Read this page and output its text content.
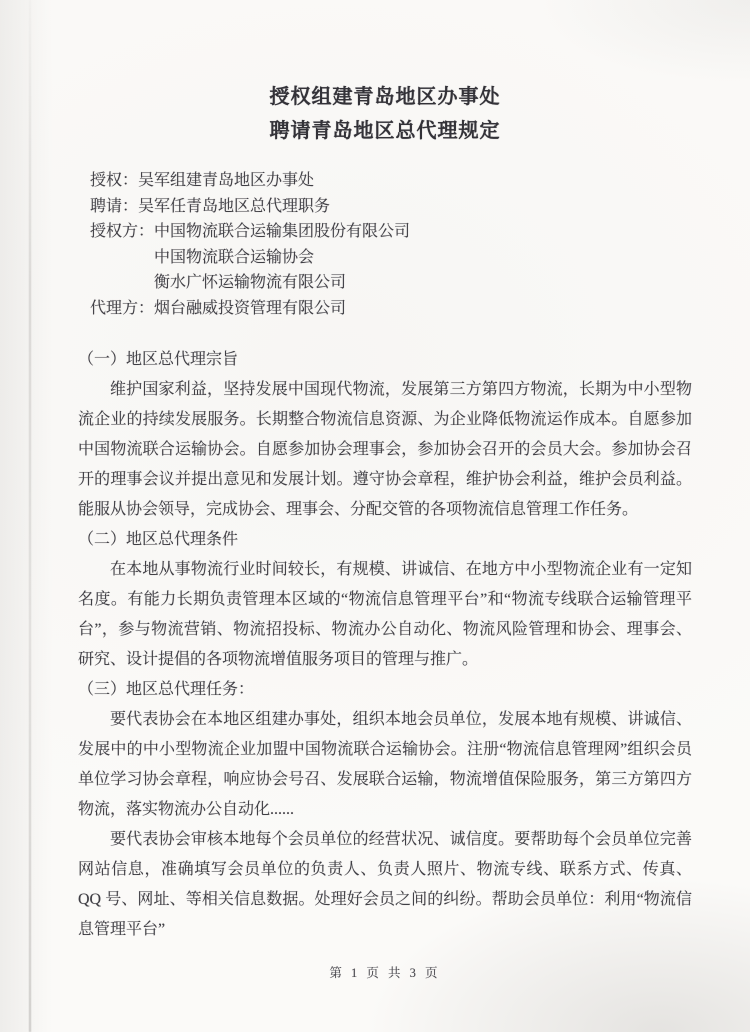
授权组建青岛地区办事处
聘请青岛地区总代理规定
授权：吴军组建青岛地区办事处
聘请：吴军任青岛地区总代理职务
授权方：中国物流联合运输集团股份有限公司
中国物流联合运输协会
衡水广怀运输物流有限公司
代理方：烟台融威投资管理有限公司
（一）地区总代理宗旨

维护国家利益，坚持发展中国现代物流，发展第三方第四方物流，长期为中小型物流企业的持续发展服务。长期整合物流信息资源、为企业降低物流运作成本。自愿参加中国物流联合运输协会。自愿参加协会理事会，参加协会召开的会员大会。参加协会召开的理事会议并提出意见和发展计划。遵守协会章程，维护协会利益，维护会员利益。能服从协会领导，完成协会、理事会、分配交管的各项物流信息管理工作任务。

（二）地区总代理条件

在本地从事物流行业时间较长，有规模、讲诚信、在地方中小型物流企业有一定知名度。有能力长期负责管理本区域的“物流信息管理平台”和“物流专线联合运输管理平台”，参与物流营销、物流招投标、物流办公自动化、物流风险管理和协会、理事会、研究、设计提倡的各项物流增值服务项目的管理与推广。

（三）地区总代理任务：

要代表协会在本地区组建办事处，组织本地会员单位，发展本地有规模、讲诚信、发展中的中小型物流企业加盟中国物流联合运输协会。注册“物流信息管理网”组织会员单位学习协会章程，响应协会号召、发展联合运输，物流增值保险服务，第三方第四方物流，落实物流办公自动化......

要代表协会审核本地每个会员单位的经营状况、诚信度。要帮助每个会员单位完善网站信息，准确填写会员单位的负责人、负责人照片、物流专线、联系方式、传真、QQ 号、网址、等相关信息数据。处理好会员之间的纠纷。帮助会员单位：利用“物流信息管理平台”

第 1 页 共 3 页
